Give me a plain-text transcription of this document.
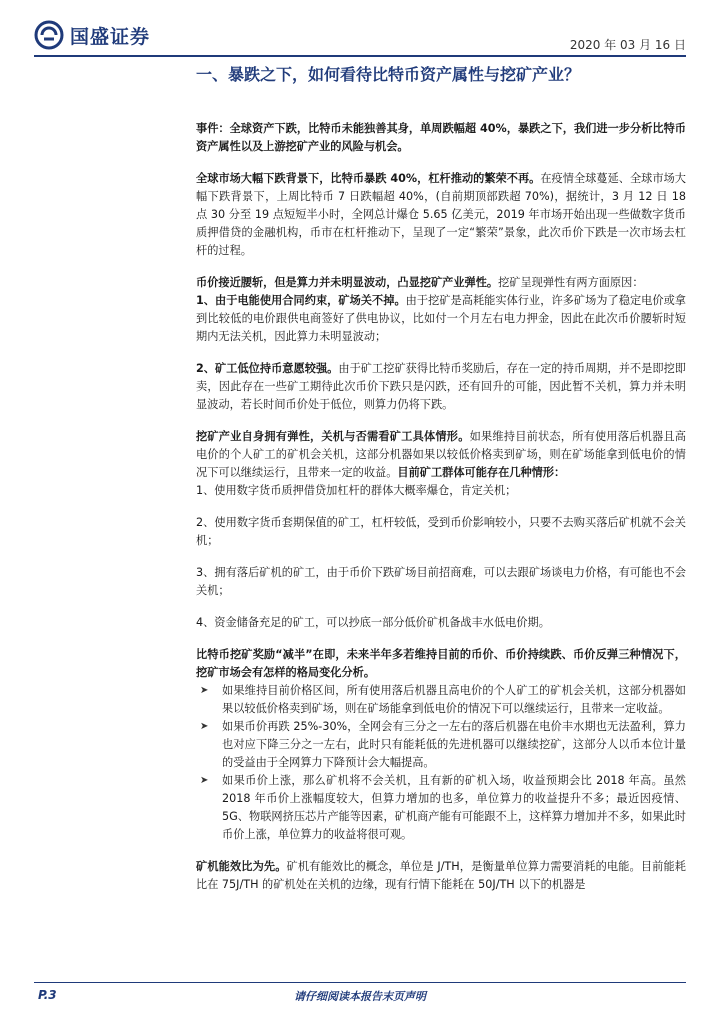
国盛证券	2020 年 03 月 16 日
一、暴跌之下，如何看待比特币资产属性与挖矿产业？

事件：全球资产下跌，比特币未能独善其身，单周跌幅超 40%，暴跌之下，我们进一步分析比特币资产属性以及上游挖矿产业的风险与机会。

全球市场大幅下跌背景下，比特币暴跌 40%，杠杆推动的繁荣不再。在疫情全球蔓延、全球市场大幅下跌背景下，上周比特币 7 日跌幅超 40%，(自前期顶部跌超 70%)，据统计，3 月 12 日 18 点 30 分至 19 点短短半小时，全网总计爆仓 5.65 亿美元，2019 年市场开始出现一些做数字货币质押借贷的金融机构，币市在杠杆推动下，呈现了一定“繁荣”景象，此次币价下跌是一次市场去杠杆的过程。

币价接近腰斩，但是算力并未明显波动，凸显挖矿产业弹性。挖矿呈现弹性有两方面原因：

1、由于电能使用合同约束，矿场关不掉。由于挖矿是高耗能实体行业，许多矿场为了稳定电价或拿到比较低的电价跟供电商签好了供电协议，比如付一个月左右电力押金，因此在此次币价腰斩时短期内无法关机，因此算力未明显波动；

2、矿工低位持币意愿较强。由于矿工挖矿获得比特币奖励后，存在一定的持币周期，并不是即挖即卖，因此存在一些矿工期待此次币价下跌只是闪跌，还有回升的可能，因此暂不关机，算力并未明显波动，若长时间币价处于低位，则算力仍将下跌。

挖矿产业自身拥有弹性，关机与否需看矿工具体情形。如果维持目前状态，所有使用落后机器且高电价的个人矿工的矿机会关机，这部分机器如果以较低价格卖到矿场，则在矿场能拿到低电价的情况下可以继续运行，且带来一定的收益。目前矿工群体可能存在几种情形：

1、使用数字货币质押借贷加杠杆的群体大概率爆仓，肯定关机；

2、使用数字货币套期保值的矿工，杠杆较低，受到币价影响较小，只要不去购买落后矿机就不会关机；

3、拥有落后矿机的矿工，由于币价下跌矿场目前招商难，可以去跟矿场谈电力价格，有可能也不会关机；

4、资金储备充足的矿工，可以抄底一部分低价矿机备战丰水低电价期。

比特币挖矿奖励“减半”在即，未来半年多若维持目前的币价、币价持续跌、币价反弹三种情况下，挖矿市场会有怎样的格局变化分析。

➤ 如果维持目前价格区间，所有使用落后机器且高电价的个人矿工的矿机会关机，这部分机器如果以较低价格卖到矿场，则在矿场能拿到低电价的情况下可以继续运行，且带来一定收益。
➤ 如果币价再跌 25%-30%，全网会有三分之一左右的落后机器在电价丰水期也无法盈利，算力也对应下降三分之一左右，此时只有能耗低的先进机器可以继续挖矿，这部分人以币本位计量的受益由于全网算力下降预计会大幅提高。
➤ 如果币价上涨，那么矿机将不会关机，且有新的矿机入场，收益预期会比 2018 年高。虽然 2018 年币价上涨幅度较大，但算力增加的也多，单位算力的收益提升不多；最近因疫情、5G、物联网挤压芯片产能等因素，矿机商产能有可能跟不上，这样算力增加并不多，如果此时币价上涨，单位算力的收益将很可观。

矿机能效比为先。矿机有能效比的概念，单位是 J/TH，是衡量单位算力需要消耗的电能。目前能耗比在 75J/TH 的矿机处在关机的边缘，现有行情下能耗在 50J/TH 以下的机器是

P.3	请仔细阅读本报告末页声明
